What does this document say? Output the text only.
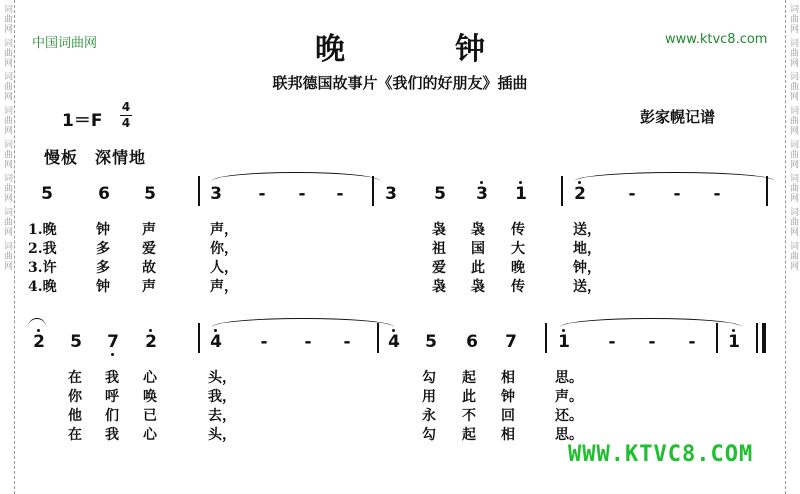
词曲网 词曲网 词曲网 词曲网 词曲网 词曲网 词曲网 词曲网	词曲网 词曲网 词曲网 词曲网 词曲网 词曲网 词曲网 词曲网
中国词曲网	www.ktvc8.com
晚钟
联邦德国故事片《我们的好朋友》插曲
1＝F
4
4	彭家幌记谱
慢板　深情地
5	6 5	3 - - - 3 5 3 1	2	- - -
1.晚	钟 声	声，	袅 袅 传	送，
2.我	多 爱	你，	祖 国 大	地，
3.许	多 故	人，	爱 此 晚	钟，
4.晚	钟 声	声，	袅 袅 传	送，
2 5 7 2	4 - - - 4 5 6 7 1 - - - 1
在 我 心	头，	勾 起 相	思。
你 呼 唤	我，	用 此 钟	声。
他 们 已	去，	永 不 回	还。
在 我 心	头，	勾 起 相	思。
WWW.KTVC8.COM
